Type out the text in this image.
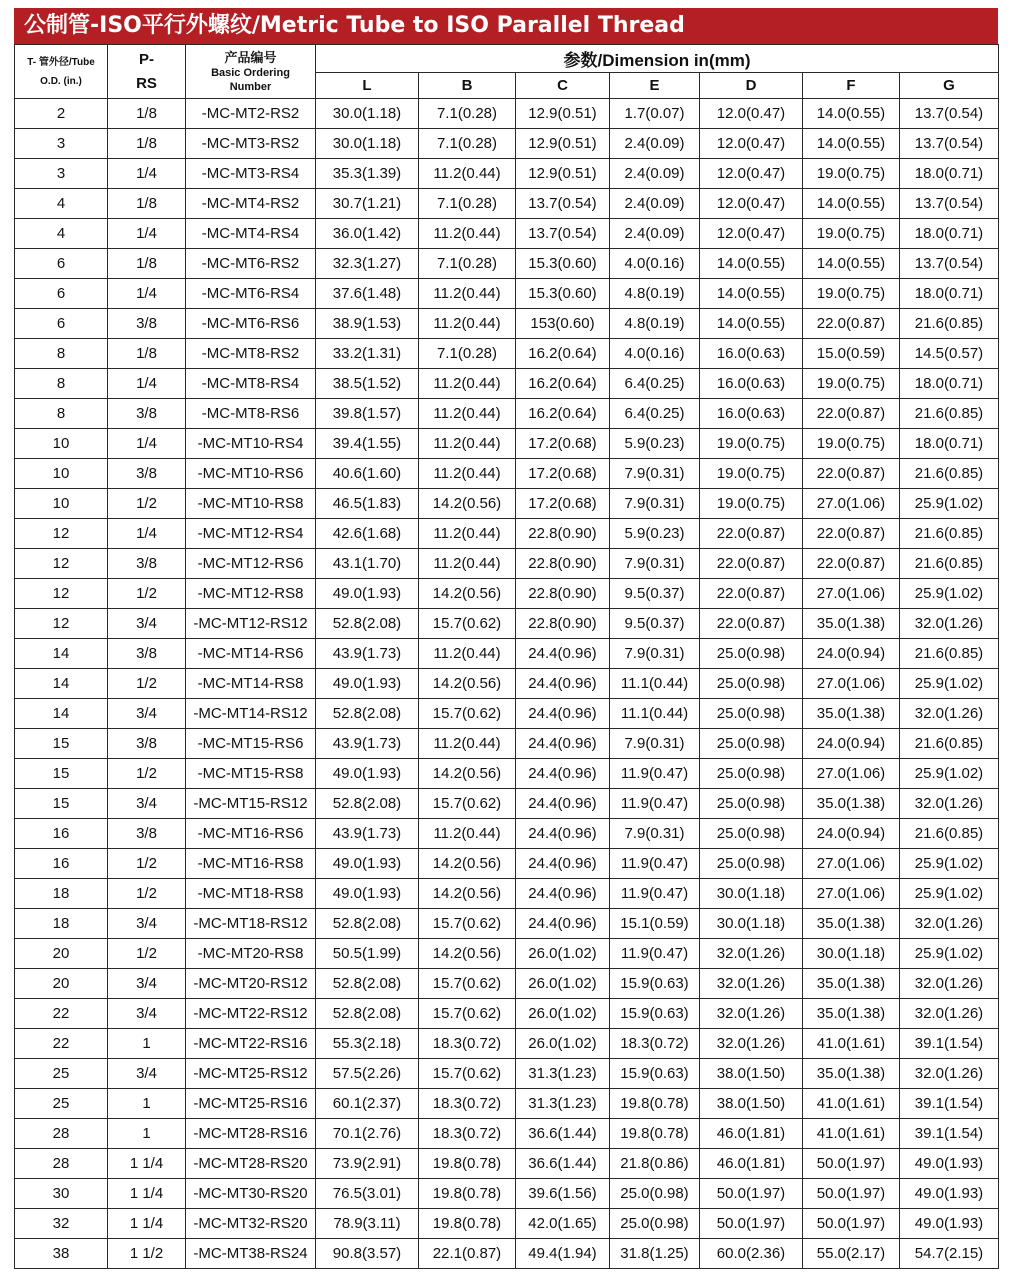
公制管-ISO平行外螺纹/Metric Tube to ISO Parallel Thread
T- 管外径/Tube
O.D. (in.)	P-
RS	产品编号
Basic Ordering
Number	参数/Dimension in(mm)						
			L	B	C	E	D	F	G
2	1/8	-MC-MT2-RS2	30.0(1.18)	7.1(0.28)	12.9(0.51)	1.7(0.07)	12.0(0.47)	14.0(0.55)	13.7(0.54)
3	1/8	-MC-MT3-RS2	30.0(1.18)	7.1(0.28)	12.9(0.51)	2.4(0.09)	12.0(0.47)	14.0(0.55)	13.7(0.54)
3	1/4	-MC-MT3-RS4	35.3(1.39)	11.2(0.44)	12.9(0.51)	2.4(0.09)	12.0(0.47)	19.0(0.75)	18.0(0.71)
4	1/8	-MC-MT4-RS2	30.7(1.21)	7.1(0.28)	13.7(0.54)	2.4(0.09)	12.0(0.47)	14.0(0.55)	13.7(0.54)
4	1/4	-MC-MT4-RS4	36.0(1.42)	11.2(0.44)	13.7(0.54)	2.4(0.09)	12.0(0.47)	19.0(0.75)	18.0(0.71)
6	1/8	-MC-MT6-RS2	32.3(1.27)	7.1(0.28)	15.3(0.60)	4.0(0.16)	14.0(0.55)	14.0(0.55)	13.7(0.54)
6	1/4	-MC-MT6-RS4	37.6(1.48)	11.2(0.44)	15.3(0.60)	4.8(0.19)	14.0(0.55)	19.0(0.75)	18.0(0.71)
6	3/8	-MC-MT6-RS6	38.9(1.53)	11.2(0.44)	153(0.60)	4.8(0.19)	14.0(0.55)	22.0(0.87)	21.6(0.85)
8	1/8	-MC-MT8-RS2	33.2(1.31)	7.1(0.28)	16.2(0.64)	4.0(0.16)	16.0(0.63)	15.0(0.59)	14.5(0.57)
8	1/4	-MC-MT8-RS4	38.5(1.52)	11.2(0.44)	16.2(0.64)	6.4(0.25)	16.0(0.63)	19.0(0.75)	18.0(0.71)
8	3/8	-MC-MT8-RS6	39.8(1.57)	11.2(0.44)	16.2(0.64)	6.4(0.25)	16.0(0.63)	22.0(0.87)	21.6(0.85)
10	1/4	-MC-MT10-RS4	39.4(1.55)	11.2(0.44)	17.2(0.68)	5.9(0.23)	19.0(0.75)	19.0(0.75)	18.0(0.71)
10	3/8	-MC-MT10-RS6	40.6(1.60)	11.2(0.44)	17.2(0.68)	7.9(0.31)	19.0(0.75)	22.0(0.87)	21.6(0.85)
10	1/2	-MC-MT10-RS8	46.5(1.83)	14.2(0.56)	17.2(0.68)	7.9(0.31)	19.0(0.75)	27.0(1.06)	25.9(1.02)
12	1/4	-MC-MT12-RS4	42.6(1.68)	11.2(0.44)	22.8(0.90)	5.9(0.23)	22.0(0.87)	22.0(0.87)	21.6(0.85)
12	3/8	-MC-MT12-RS6	43.1(1.70)	11.2(0.44)	22.8(0.90)	7.9(0.31)	22.0(0.87)	22.0(0.87)	21.6(0.85)
12	1/2	-MC-MT12-RS8	49.0(1.93)	14.2(0.56)	22.8(0.90)	9.5(0.37)	22.0(0.87)	27.0(1.06)	25.9(1.02)
12	3/4	-MC-MT12-RS12	52.8(2.08)	15.7(0.62)	22.8(0.90)	9.5(0.37)	22.0(0.87)	35.0(1.38)	32.0(1.26)
14	3/8	-MC-MT14-RS6	43.9(1.73)	11.2(0.44)	24.4(0.96)	7.9(0.31)	25.0(0.98)	24.0(0.94)	21.6(0.85)
14	1/2	-MC-MT14-RS8	49.0(1.93)	14.2(0.56)	24.4(0.96)	11.1(0.44)	25.0(0.98)	27.0(1.06)	25.9(1.02)
14	3/4	-MC-MT14-RS12	52.8(2.08)	15.7(0.62)	24.4(0.96)	11.1(0.44)	25.0(0.98)	35.0(1.38)	32.0(1.26)
15	3/8	-MC-MT15-RS6	43.9(1.73)	11.2(0.44)	24.4(0.96)	7.9(0.31)	25.0(0.98)	24.0(0.94)	21.6(0.85)
15	1/2	-MC-MT15-RS8	49.0(1.93)	14.2(0.56)	24.4(0.96)	11.9(0.47)	25.0(0.98)	27.0(1.06)	25.9(1.02)
15	3/4	-MC-MT15-RS12	52.8(2.08)	15.7(0.62)	24.4(0.96)	11.9(0.47)	25.0(0.98)	35.0(1.38)	32.0(1.26)
16	3/8	-MC-MT16-RS6	43.9(1.73)	11.2(0.44)	24.4(0.96)	7.9(0.31)	25.0(0.98)	24.0(0.94)	21.6(0.85)
16	1/2	-MC-MT16-RS8	49.0(1.93)	14.2(0.56)	24.4(0.96)	11.9(0.47)	25.0(0.98)	27.0(1.06)	25.9(1.02)
18	1/2	-MC-MT18-RS8	49.0(1.93)	14.2(0.56)	24.4(0.96)	11.9(0.47)	30.0(1.18)	27.0(1.06)	25.9(1.02)
18	3/4	-MC-MT18-RS12	52.8(2.08)	15.7(0.62)	24.4(0.96)	15.1(0.59)	30.0(1.18)	35.0(1.38)	32.0(1.26)
20	1/2	-MC-MT20-RS8	50.5(1.99)	14.2(0.56)	26.0(1.02)	11.9(0.47)	32.0(1.26)	30.0(1.18)	25.9(1.02)
20	3/4	-MC-MT20-RS12	52.8(2.08)	15.7(0.62)	26.0(1.02)	15.9(0.63)	32.0(1.26)	35.0(1.38)	32.0(1.26)
22	3/4	-MC-MT22-RS12	52.8(2.08)	15.7(0.62)	26.0(1.02)	15.9(0.63)	32.0(1.26)	35.0(1.38)	32.0(1.26)
22	1	-MC-MT22-RS16	55.3(2.18)	18.3(0.72)	26.0(1.02)	18.3(0.72)	32.0(1.26)	41.0(1.61)	39.1(1.54)
25	3/4	-MC-MT25-RS12	57.5(2.26)	15.7(0.62)	31.3(1.23)	15.9(0.63)	38.0(1.50)	35.0(1.38)	32.0(1.26)
25	1	-MC-MT25-RS16	60.1(2.37)	18.3(0.72)	31.3(1.23)	19.8(0.78)	38.0(1.50)	41.0(1.61)	39.1(1.54)
28	1	-MC-MT28-RS16	70.1(2.76)	18.3(0.72)	36.6(1.44)	19.8(0.78)	46.0(1.81)	41.0(1.61)	39.1(1.54)
28	1 1/4	-MC-MT28-RS20	73.9(2.91)	19.8(0.78)	36.6(1.44)	21.8(0.86)	46.0(1.81)	50.0(1.97)	49.0(1.93)
30	1 1/4	-MC-MT30-RS20	76.5(3.01)	19.8(0.78)	39.6(1.56)	25.0(0.98)	50.0(1.97)	50.0(1.97)	49.0(1.93)
32	1 1/4	-MC-MT32-RS20	78.9(3.11)	19.8(0.78)	42.0(1.65)	25.0(0.98)	50.0(1.97)	50.0(1.97)	49.0(1.93)
38	1 1/2	-MC-MT38-RS24	90.8(3.57)	22.1(0.87)	49.4(1.94)	31.8(1.25)	60.0(2.36)	55.0(2.17)	54.7(2.15)
